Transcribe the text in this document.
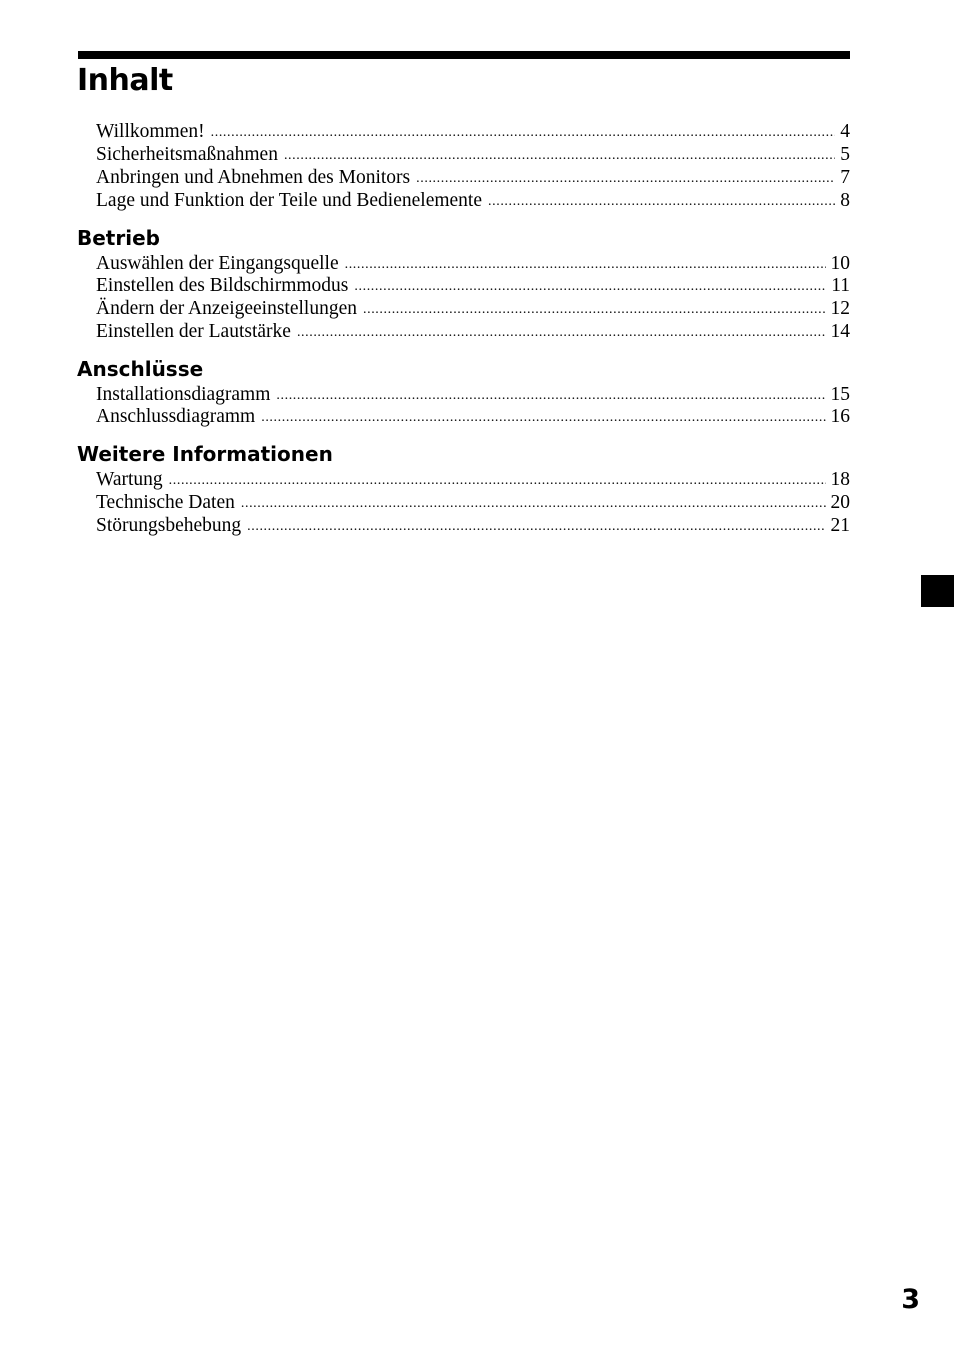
Inhalt
Willkommen! .....	4
Sicherheitsmaßnahmen .....	5
Anbringen und Abnehmen des Monitors .....	7
Lage und Funktion der Teile und Bedienelemente .....	8
Betrieb
Auswählen der Eingangsquelle .....	10
Einstellen des Bildschirmmodus .....	11
Ändern der Anzeigeeinstellungen .....	12
Einstellen der Lautstärke .....	14
Anschlüsse
Installationsdiagramm .....	15
Anschlussdiagramm .....	16
Weitere Informationen
Wartung .....	18
Technische Daten .....	20
Störungsbehebung .....	21
3
